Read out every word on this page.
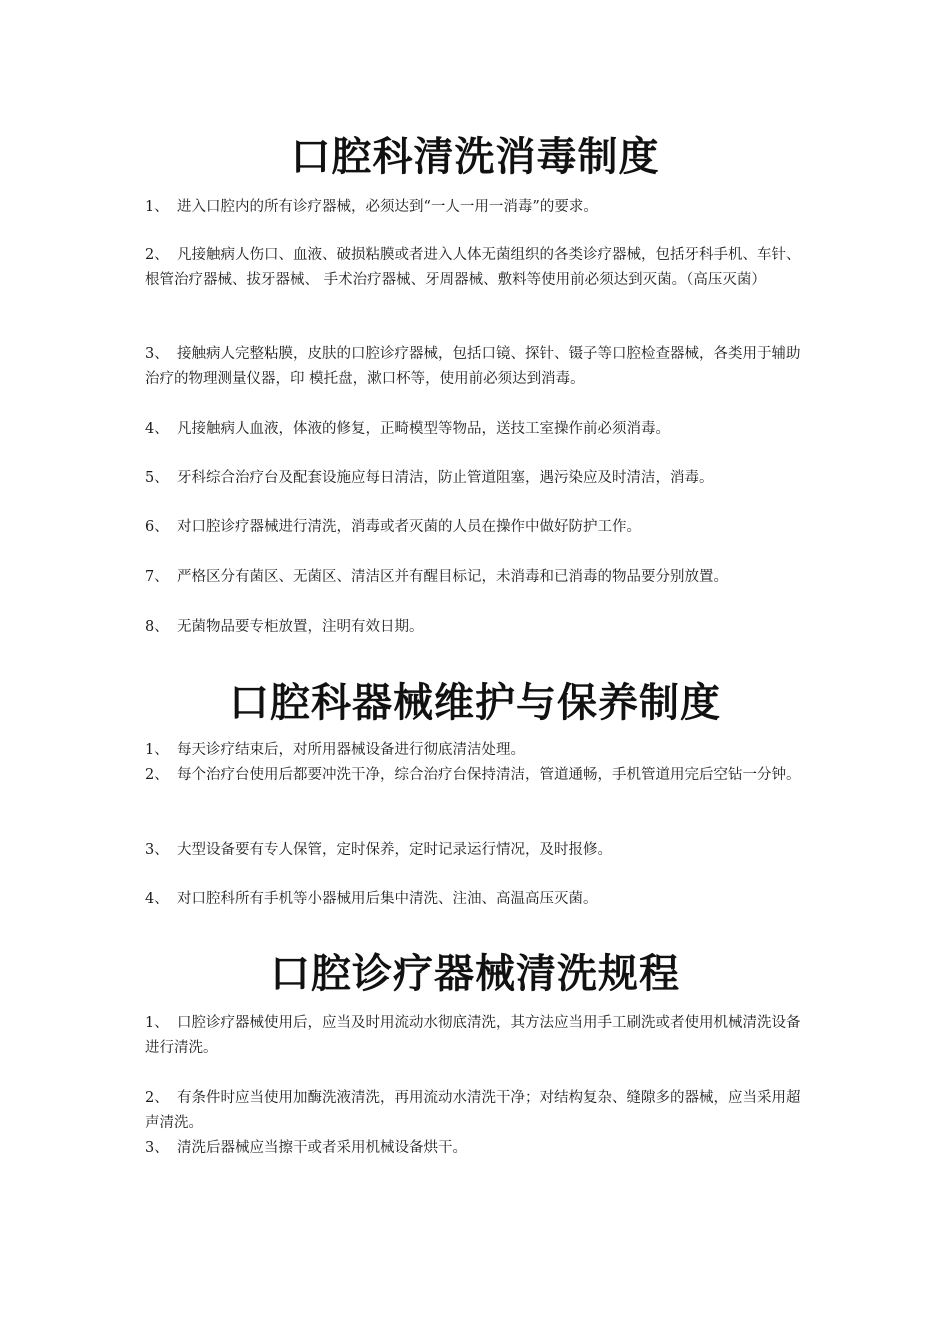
口腔科清洗消毒制度

1、 进入口腔内的所有诊疗器械，必须达到“一人一用一消毒”的要求。

2、 凡接触病人伤口、血液、破损粘膜或者进入人体无菌组织的各类诊疗器械，包括牙科手机、车针、根管治疗器械、拔牙器械、 手术治疗器械、牙周器械、敷料等使用前必须达到灭菌。（高压灭菌）

3、 接触病人完整粘膜，皮肤的口腔诊疗器械，包括口镜、探针、镊子等口腔检查器械，各类用于辅助治疗的物理测量仪器，印 模托盘，漱口杯等，使用前必须达到消毒。

4、 凡接触病人血液，体液的修复，正畸模型等物品，送技工室操作前必须消毒。

5、 牙科综合治疗台及配套设施应每日清洁，防止管道阻塞，遇污染应及时清洁，消毒。

6、 对口腔诊疗器械进行清洗，消毒或者灭菌的人员在操作中做好防护工作。

7、 严格区分有菌区、无菌区、清洁区并有醒目标记，未消毒和已消毒的物品要分别放置。

8、 无菌物品要专柜放置，注明有效日期。

口腔科器械维护与保养制度

1、 每天诊疗结束后，对所用器械设备进行彻底清洁处理。

2、 每个治疗台使用后都要冲洗干净，综合治疗台保持清洁，管道通畅，手机管道用完后空钻一分钟。

3、 大型设备要有专人保管，定时保养，定时记录运行情况，及时报修。

4、 对口腔科所有手机等小器械用后集中清洗、注油、高温高压灭菌。

口腔诊疗器械清洗规程

1、 口腔诊疗器械使用后，应当及时用流动水彻底清洗，其方法应当用手工刷洗或者使用机械清洗设备进行清洗。

2、 有条件时应当使用加酶洗液清洗，再用流动水清洗干净；对结构复杂、缝隙多的器械，应当采用超声清洗。

3、 清洗后器械应当擦干或者采用机械设备烘干。
